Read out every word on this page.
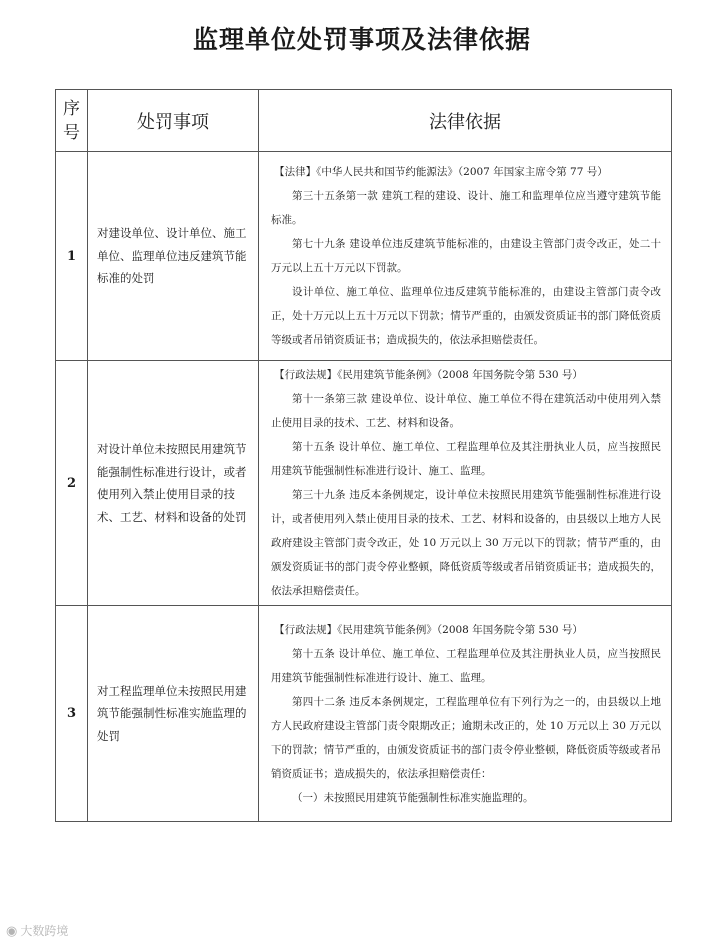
监理单位处罚事项及法律依据
序号	处罚事项	法律依据
1	对建设单位、设计单位、施工单位、监理单位违反建筑节能标准的处罚	【法律】《中华人民共和国节约能源法》（2007 年国家主席令第 77 号）

第三十五条第一款 建筑工程的建设、设计、施工和监理单位应当遵守建筑节能标准。

第七十九条 建设单位违反建筑节能标准的，由建设主管部门责令改正，处二十万元以上五十万元以下罚款。

设计单位、施工单位、监理单位违反建筑节能标准的，由建设主管部门责令改正，处十万元以上五十万元以下罚款；情节严重的，由颁发资质证书的部门降低资质等级或者吊销资质证书；造成损失的，依法承担赔偿责任。

2	对设计单位未按照民用建筑节能强制性标准进行设计，或者使用列入禁止使用目录的技术、工艺、材料和设备的处罚	【行政法规】《民用建筑节能条例》（2008 年国务院令第 530 号）

第十一条第三款 建设单位、设计单位、施工单位不得在建筑活动中使用列入禁止使用目录的技术、工艺、材料和设备。

第十五条 设计单位、施工单位、工程监理单位及其注册执业人员，应当按照民用建筑节能强制性标准进行设计、施工、监理。

第三十九条 违反本条例规定，设计单位未按照民用建筑节能强制性标准进行设计，或者使用列入禁止使用目录的技术、工艺、材料和设备的，由县级以上地方人民政府建设主管部门责令改正，处 10 万元以上 30 万元以下的罚款；情节严重的，由颁发资质证书的部门责令停业整顿，降低资质等级或者吊销资质证书；造成损失的，依法承担赔偿责任。

3	对工程监理单位未按照民用建筑节能强制性标准实施监理的处罚	【行政法规】《民用建筑节能条例》（2008 年国务院令第 530 号）

第十五条 设计单位、施工单位、工程监理单位及其注册执业人员，应当按照民用建筑节能强制性标准进行设计、施工、监理。

第四十二条 违反本条例规定，工程监理单位有下列行为之一的，由县级以上地方人民政府建设主管部门责令限期改正；逾期未改正的，处 10 万元以上 30 万元以下的罚款；情节严重的，由颁发资质证书的部门责令停业整顿，降低资质等级或者吊销资质证书；造成损失的，依法承担赔偿责任：

（一）未按照民用建筑节能强制性标准实施监理的。

◉ 大数跨境
